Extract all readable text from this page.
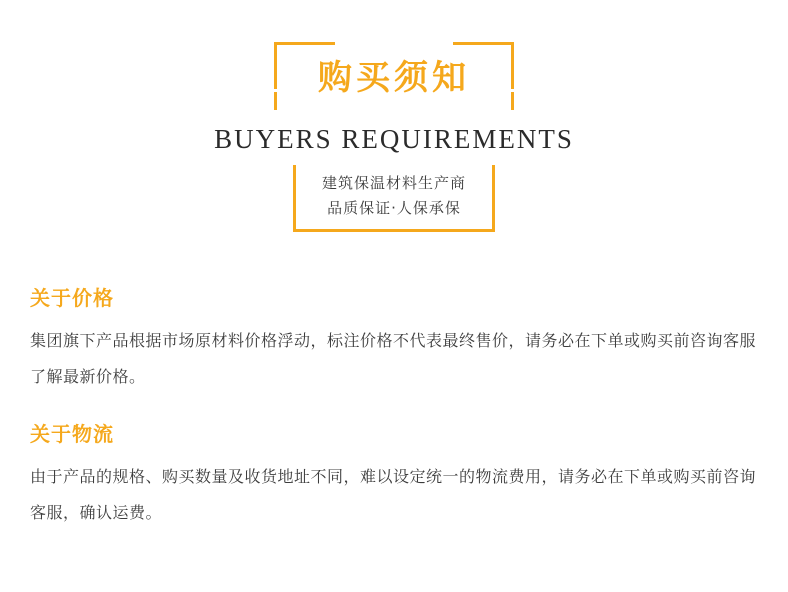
购买须知
BUYERS REQUIREMENTS
建筑保温材料生产商
品质保证·人保承保
关于价格
集团旗下产品根据市场原材料价格浮动，标注价格不代表最终售价，请务必在下单或购买前咨询客服了解最新价格。
关于物流
由于产品的规格、购买数量及收货地址不同，难以设定统一的物流费用，请务必在下单或购买前咨询客服，确认运费。
